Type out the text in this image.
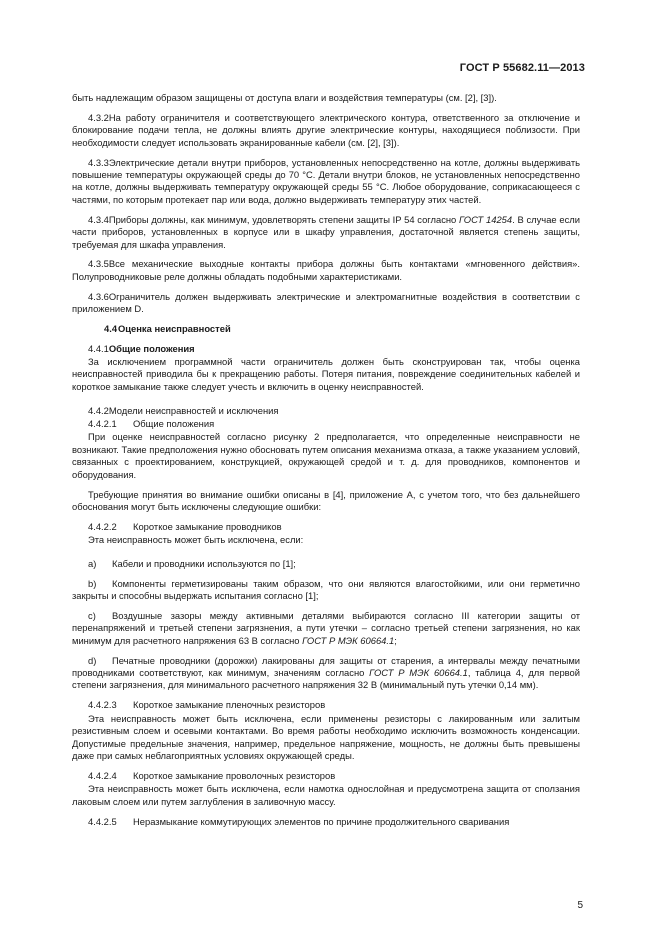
ГОСТ Р 55682.11—2013

быть надлежащим образом защищены от доступа влаги и воздействия температуры (см. [2], [3]).

4.3.2На работу ограничителя и соответствующего электрического контура, ответственного за отключение и блокирование подачи тепла, не должны влиять другие электрические контуры, находящиеся поблизости. При необходимости следует использовать экранированные кабели (см. [2], [3]).

4.3.3Электрические детали внутри приборов, установленных непосредственно на котле, должны выдерживать повышение температуры окружающей среды до 70 °С. Детали внутри блоков, не установленных непосредственно на котле, должны выдерживать температуру окружающей среды 55 °С. Любое оборудование, соприкасающееся с частями, по которым протекает пар или вода, должно выдерживать температуру этих частей.

4.3.4Приборы должны, как минимум, удовлетворять степени защиты IP 54 согласно ГОСТ 14254. В случае если части приборов, установленных в корпусе или в шкафу управления, достаточной является степень защиты, требуемая для шкафа управления.

4.3.5Все механические выходные контакты прибора должны быть контактами «мгновенного действия». Полупроводниковые реле должны обладать подобными характеристиками.

4.3.6Ограничитель должен выдерживать электрические и электромагнитные воздействия в соответствии с приложением D.

4.4Оценка неисправностей

4.4.1Общие положения

За исключением программной части ограничитель должен быть сконструирован так, чтобы оценка неисправностей приводила бы к прекращению работы. Потеря питания, повреждение соединительных кабелей и короткое замыкание также следует учесть и включить в оценку неисправностей.

4.4.2Модели неисправностей и исключения

4.4.2.1 Общие положения

При оценке неисправностей согласно рисунку 2 предполагается, что определенные неисправности не возникают. Такие предположения нужно обосновать путем описания механизма отказа, а также указанием условий, связанных с проектированием, конструкцией, окружающей средой и т. д. для проводников, компонентов и оборудования.

Требующие принятия во внимание ошибки описаны в [4], приложение А, с учетом того, что без дальнейшего обоснования могут быть исключены следующие ошибки:

4.4.2.2 Короткое замыкание проводников

Эта неисправность может быть исключена, если:

a) Кабели и проводники используются по [1];

b) Компоненты герметизированы таким образом, что они являются влагостойкими, или они герметично закрыты и способны выдержать испытания согласно [1];

c) Воздушные зазоры между активными деталями выбираются согласно III категории защиты от перенапряжений и третьей степени загрязнения, а пути утечки – согласно третьей степени загрязнения, но как минимум для расчетного напряжения 63 В согласно ГОСТ Р МЭК 60664.1;

d) Печатные проводники (дорожки) лакированы для защиты от старения, а интервалы между печатными проводниками соответствуют, как минимум, значениям согласно ГОСТ Р МЭК 60664.1, таблица 4, для первой степени загрязнения, для минимального расчетного напряжения 32 В (минимальный путь утечки 0,14 мм).

4.4.2.3 Короткое замыкание пленочных резисторов

Эта неисправность может быть исключена, если применены резисторы с лакированным или залитым резистивным слоем и осевыми контактами. Во время работы необходимо исключить возможность конденсации. Допустимые предельные значения, например, предельное напряжение, мощность, не должны быть превышены даже при самых неблагоприятных условиях окружающей среды.

4.4.2.4 Короткое замыкание проволочных резисторов

Эта неисправность может быть исключена, если намотка однослойная и предусмотрена защита от сползания лаковым слоем или путем заглубления в заливочную массу.

4.4.2.5 Неразмыкание коммутирующих элементов по причине продолжительного сваривания

5
